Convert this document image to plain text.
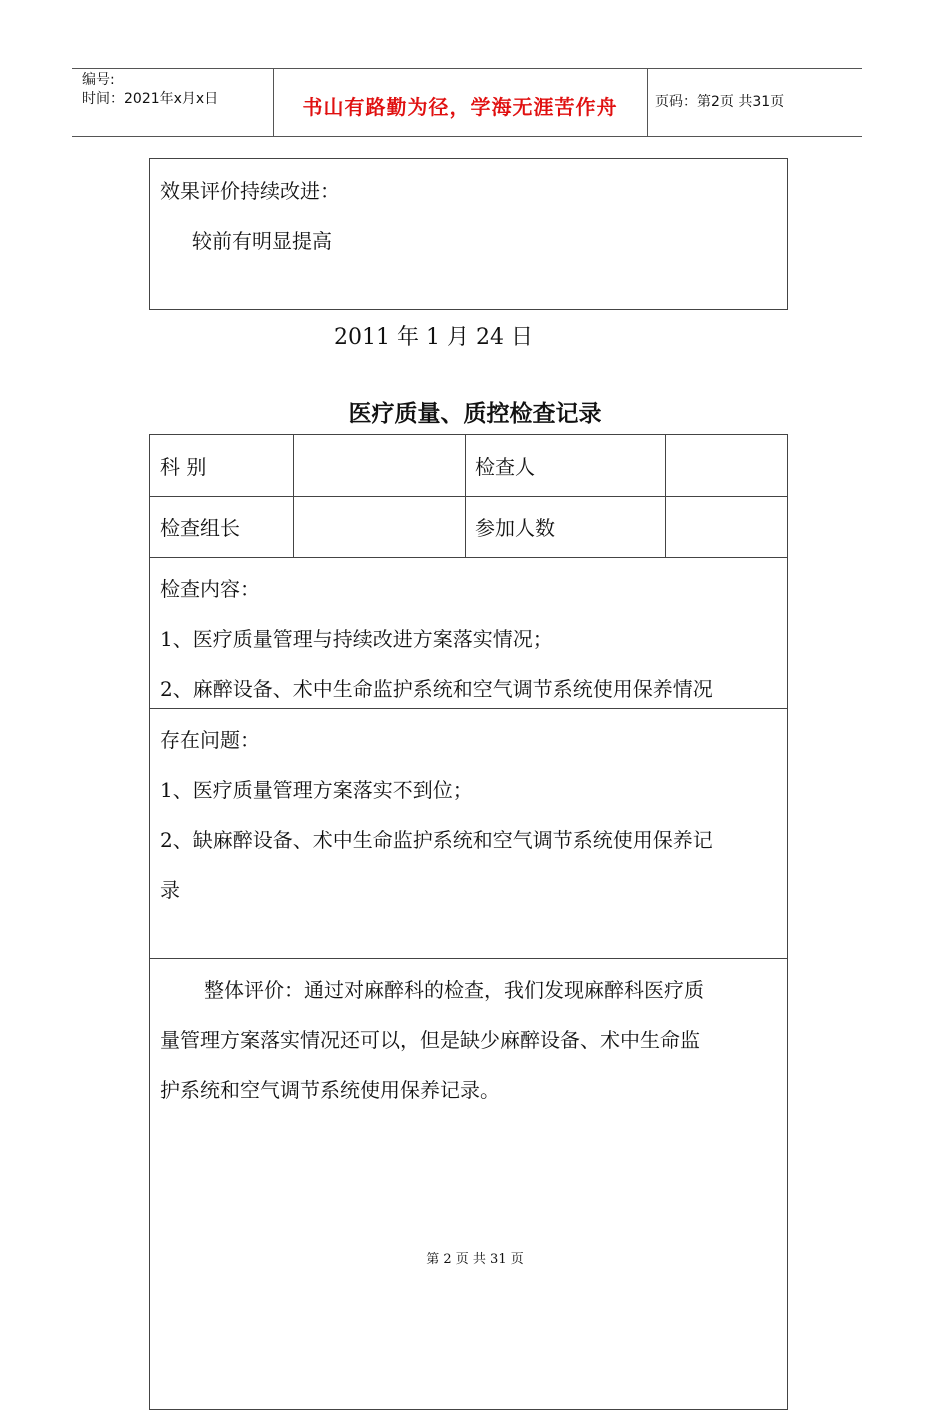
编号:
时间：2021年x月x日	书山有路勤为径，学海无涯苦作舟	页码：第2页 共31页
效果评价持续改进：
较前有明显提高
2011 年 1 月 24 日
医疗质量、质控检查记录
科 别	检查人
检查组长	参加人数
检查内容：
1、医疗质量管理与持续改进方案落实情况；
2、麻醉设备、术中生命监护系统和空气调节系统使用保养情况
存在问题：
1、医疗质量管理方案落实不到位；
2、缺麻醉设备、术中生命监护系统和空气调节系统使用保养记
录
整体评价：通过对麻醉科的检查，我们发现麻醉科医疗质
量管理方案落实情况还可以，但是缺少麻醉设备、术中生命监
护系统和空气调节系统使用保养记录。
第 2 页 共 31 页
